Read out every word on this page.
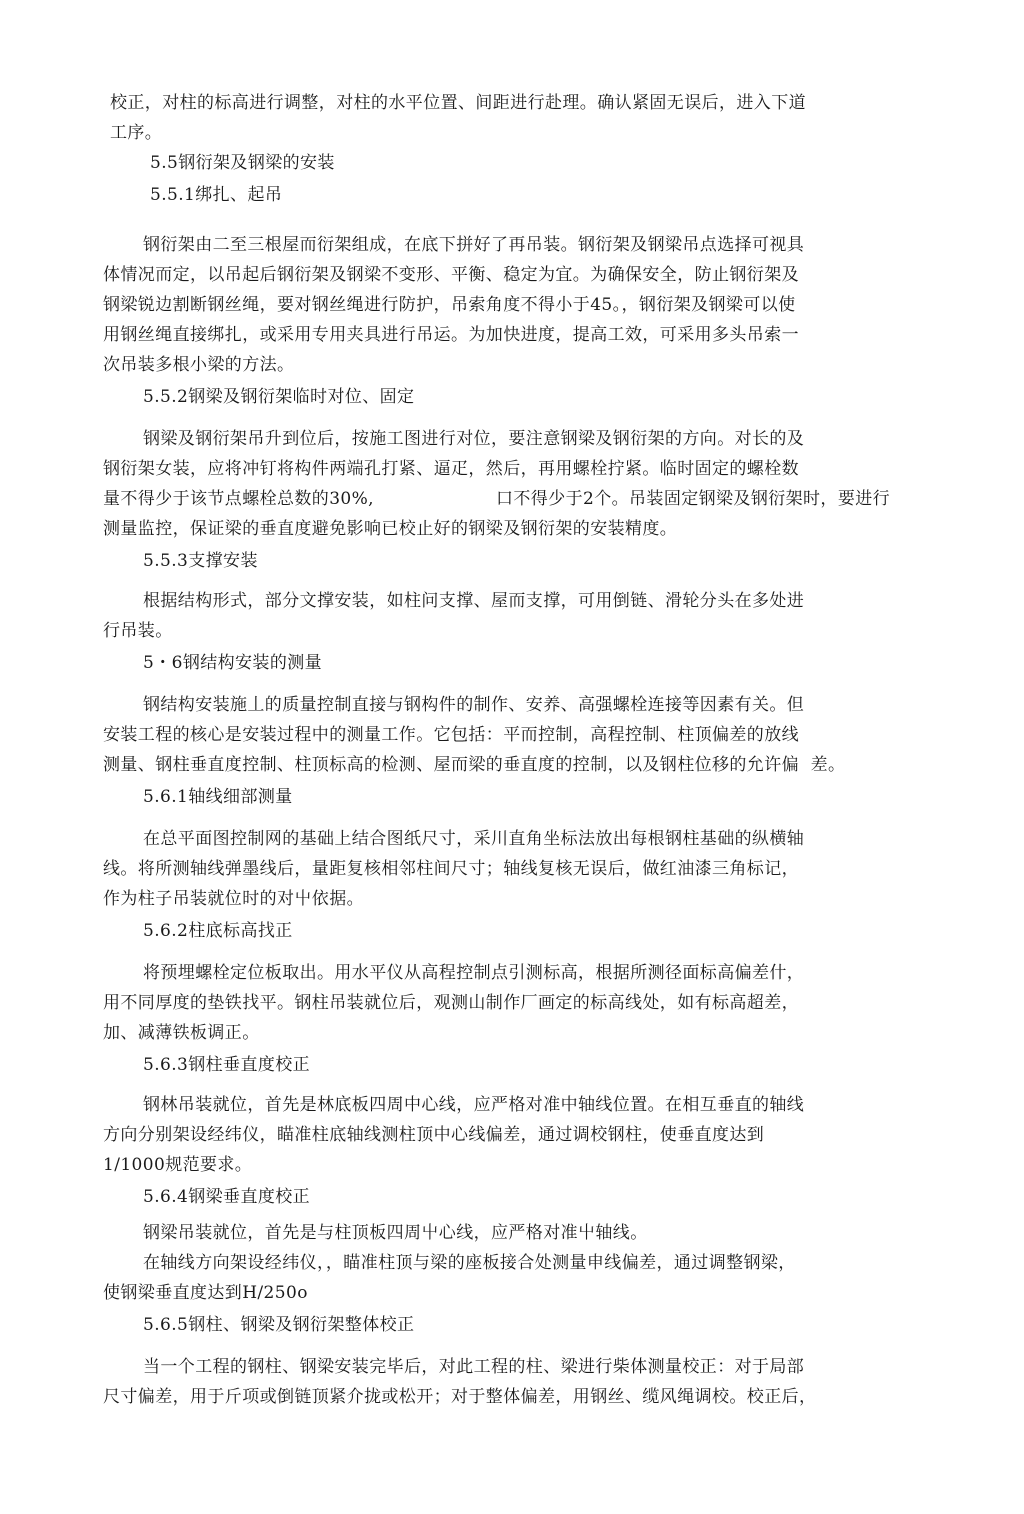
校正，对柱的标高进行调整，对柱的水平位置、间距进行赴理。确认紧固无误后，进入下道
工序。
5.5钢衍架及钢梁的安装
5.5.1绑扎、起吊
钢衍架由二至三根屋而衍架组成，在底下拼好了再吊装。钢衍架及钢梁吊点选择可视具
体情况而定，以吊起后钢衍架及钢梁不变形、平衡、稳定为宜。为确保安全，防止钢衍架及
钢梁锐边割断钢丝绳，要对钢丝绳进行防护，吊索角度不得小于45。，钢衍架及钢梁可以使
用钢丝绳直接绑扎，或采用专用夹具进行吊运。为加快进度，提高工效，可采用多头吊索一
次吊装多根小梁的方法。
5.5.2钢梁及钢衍架临时对位、固定
钢梁及钢衍架吊升到位后，按施工图进行对位，要注意钢梁及钢衍架的方向。对长的及
钢衍架女装，应将冲钉将构件两端孔打紧、逼疋，然后，再用螺栓拧紧。临时固定的螺栓数
量不得少于该节点螺栓总数的30%,	口不得少于2个。吊装固定钢梁及钢衍架时，要进行
测量监控，保证梁的垂直度避免影响已校止好的钢梁及钢衍架的安装精度。
5.5.3支撑安装
根据结构形式，部分文撑安装，如柱问支撑、屋而支撑，可用倒链、滑轮分头在多处进
行吊装。
5・6钢结构安装的测量
钢结构安装施丄的质量控制直接与钢构件的制作、安养、高强螺栓连接等因素有关。但
安装工程的核心是安装过程中的测量工作。它包括：平而控制，高程控制、柱顶偏差的放线
测量、钢柱垂直度控制、柱顶标高的检测、屋而梁的垂直度的控制，以及钢柱位移的允许偏  差。
5.6.1轴线细部测量
在总平面图控制网的基础上结合图纸尺寸，采川直角坐标法放出每根钢柱基础的纵横轴
线。将所测轴线弹墨线后，量距复核相邻柱间尺寸；轴线复核无误后，做红油漆三角标记，
作为柱子吊装就位时的对屮依据。
5.6.2柱底标高找正
将预埋螺栓定位板取出。用水平仪从高程控制点引测标高，根据所测径面标高偏差什，
用不同厚度的垫铁找平。钢柱吊装就位后，观测山制作厂画定的标高线处，如有标高超差，
加、减薄铁板调正。
5.6.3钢柱垂直度校正
钢林吊装就位，首先是林底板四周中心线，应严格对准中轴线位置。在相互垂直的轴线
方向分别架设经纬仪，瞄准柱底轴线测柱顶中心线偏差，通过调校钢柱，使垂直度达到
1/1000规范要求。
5.6.4钢梁垂直度校正
钢梁吊装就位，首先是与柱顶板四周屮心线，应严格对准屮轴线。
在轴线方向架设经纬仪，，瞄准柱顶与梁的座板接合处测量申线偏差，通过调整钢梁，
使钢梁垂直度达到H/250o
5.6.5钢柱、钢梁及钢衍架整体校正
当一个工程的钢柱、钢梁安装完毕后，对此工程的柱、梁进行柴体测量校正：对于局部
尺寸偏差，用于斤项或倒链顶紧介拢或松开；对于整体偏差，用钢丝、缆风绳调校。校正后，
